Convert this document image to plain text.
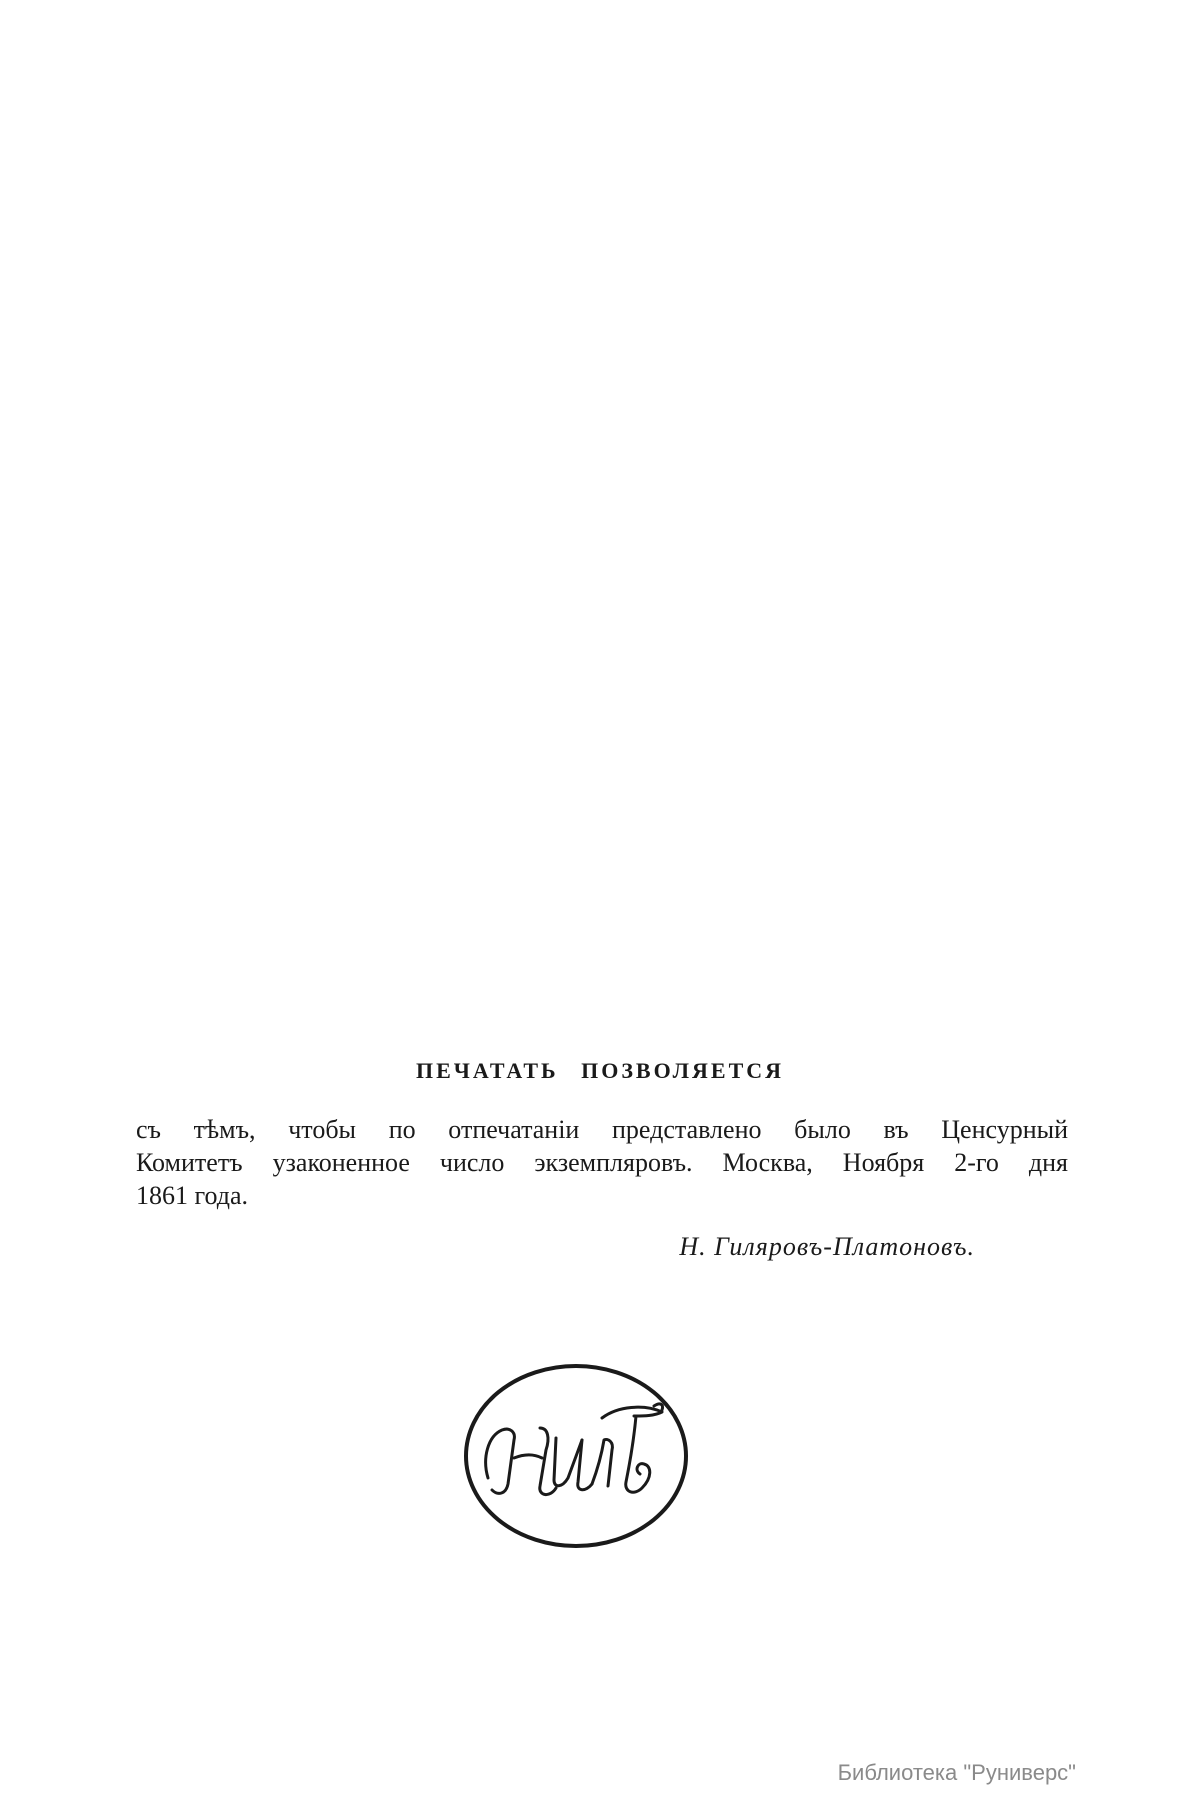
ПЕЧАТАТЬ ПОЗВОЛЯЕТСЯ

съ тѣмъ, чтобы по отпечатаніи представлено было въ Ценсурный
Комитетъ узаконенное число экземпляровъ. Москва, Ноября 2-го дня
1861 года.

Н. Гиляровъ-Платоновъ.

Библиотека "Руниверс"
